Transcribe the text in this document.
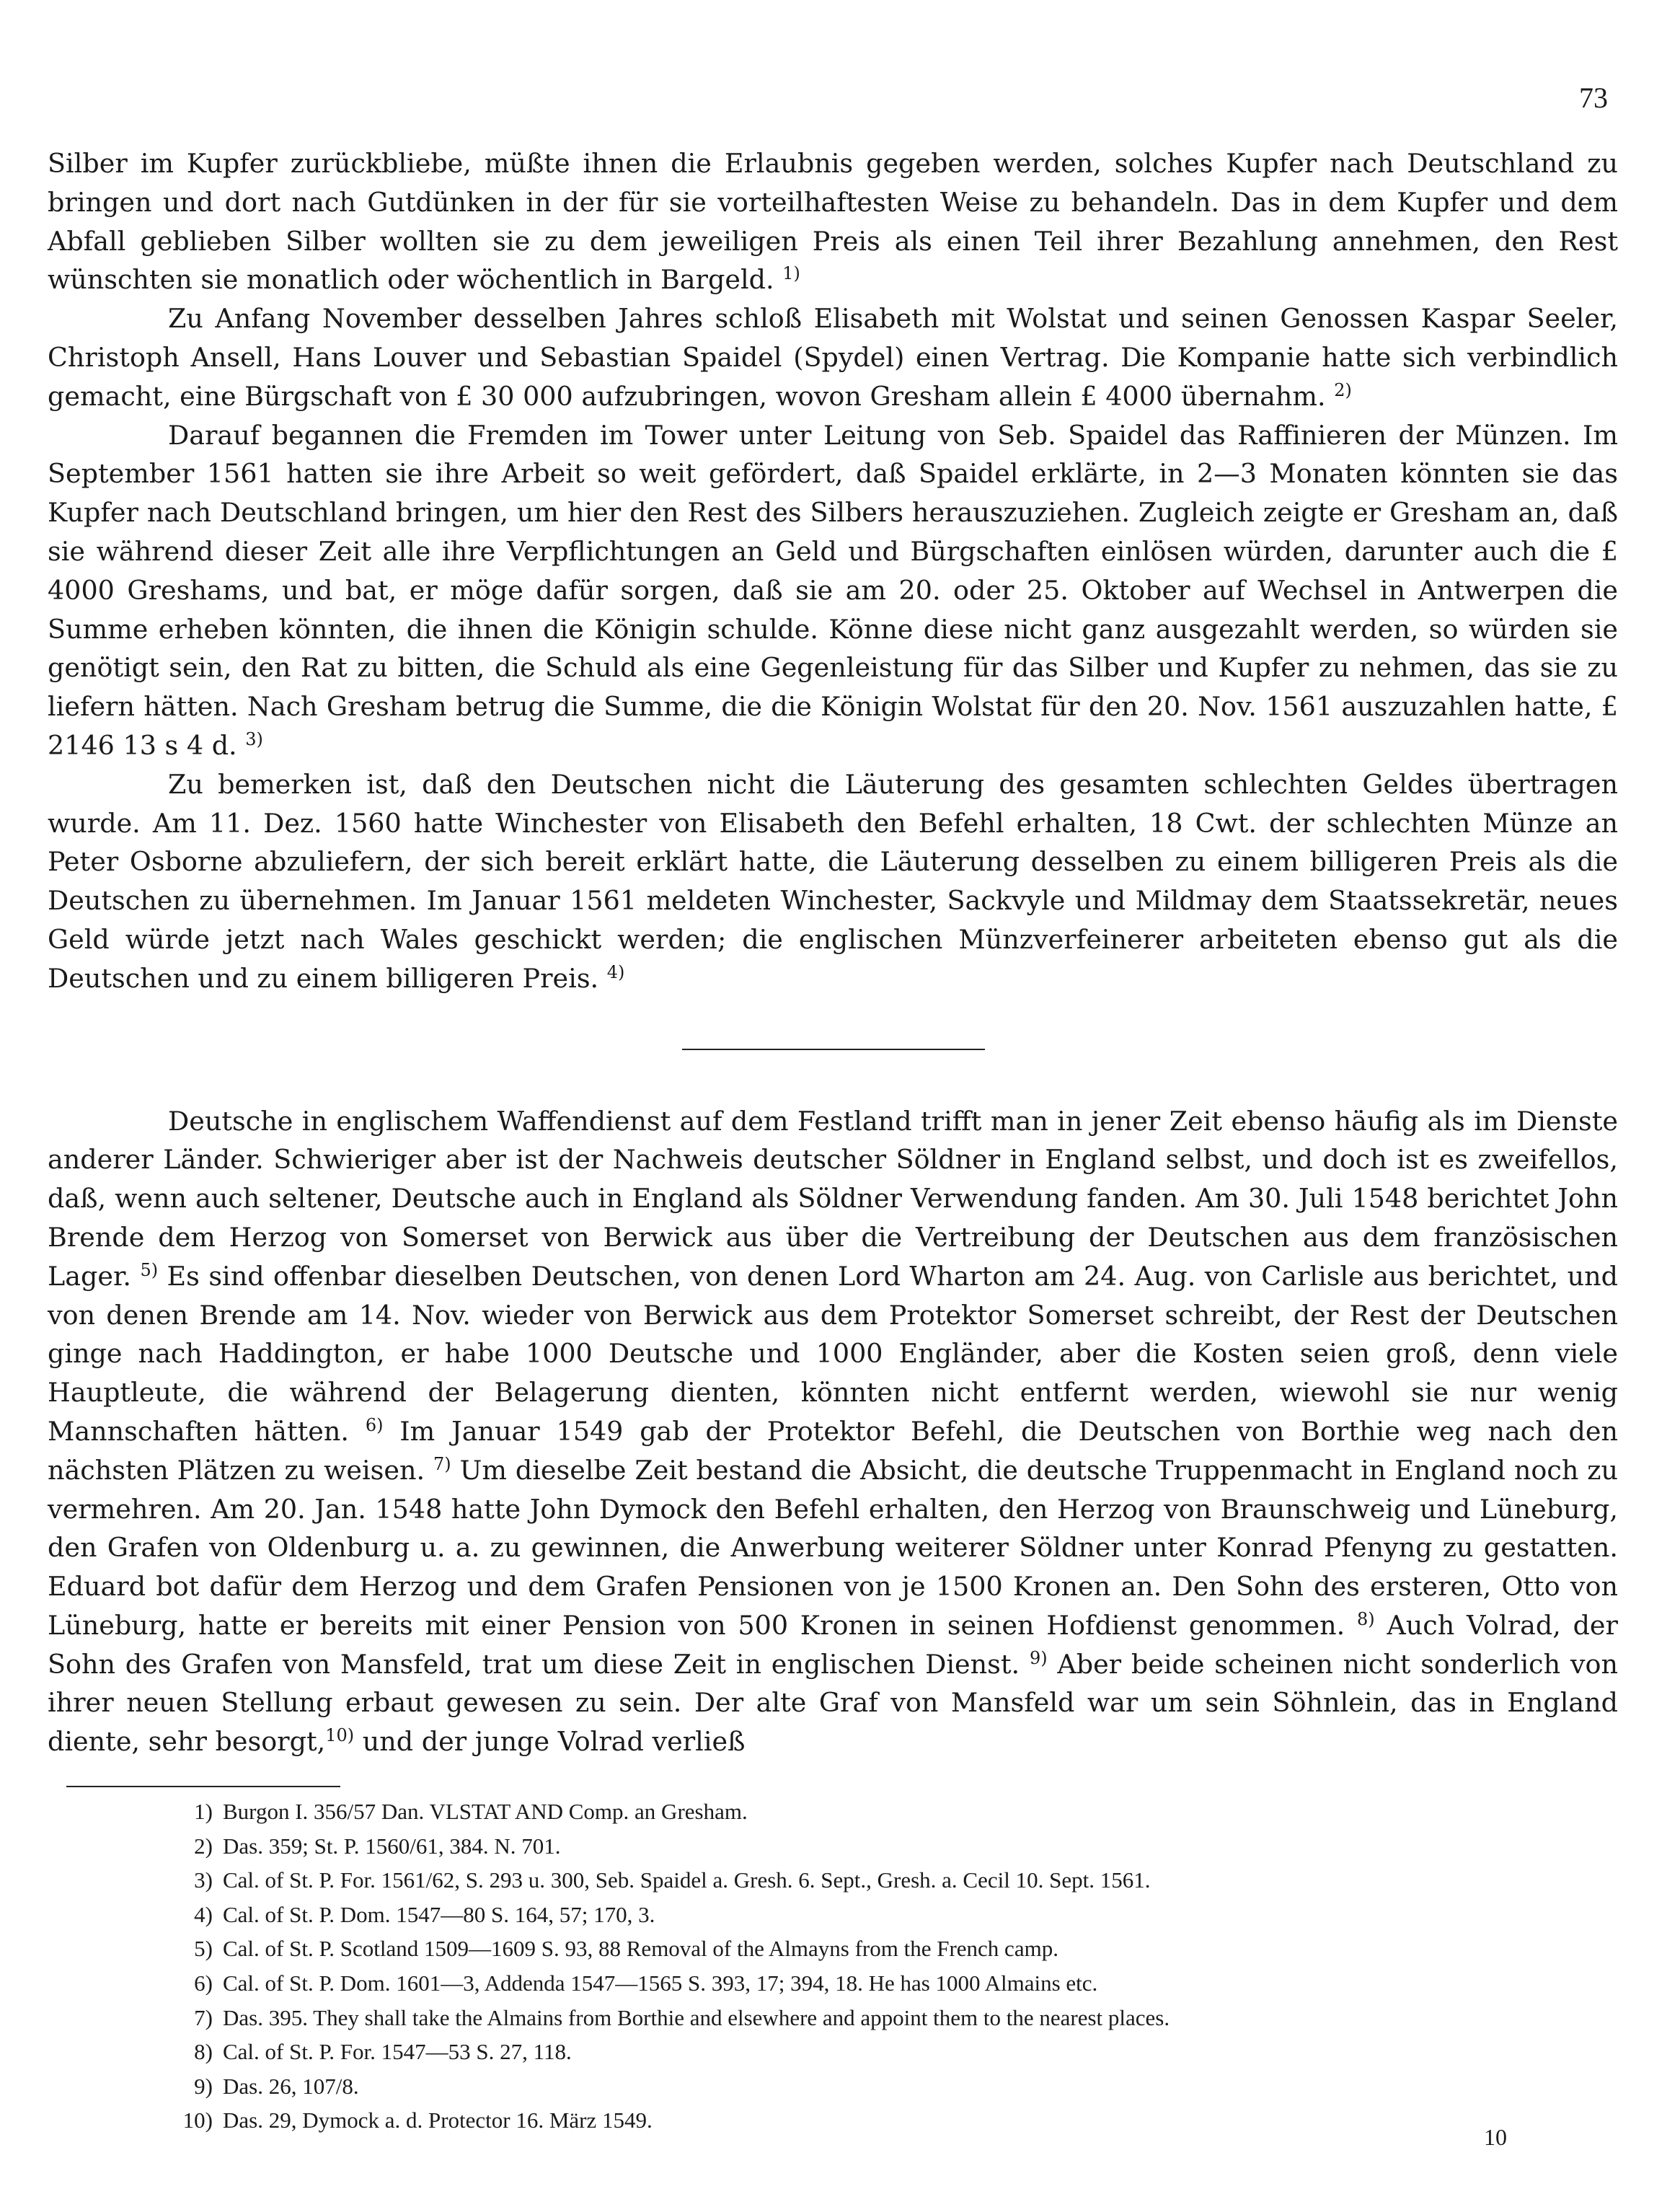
73

Silber im Kupfer zurückbliebe, müßte ihnen die Erlaubnis gegeben werden, solches Kupfer nach Deutschland zu bringen und dort nach Gutdünken in der für sie vorteilhaftesten Weise zu behandeln. Das in dem Kupfer und dem Abfall geblieben Silber wollten sie zu dem jeweiligen Preis als einen Teil ihrer Bezahlung annehmen, den Rest wünschten sie monatlich oder wöchentlich in Bargeld. $^{1)}$

Zu Anfang November desselben Jahres schloß Elisabeth mit Wolstat und seinen Genossen Kaspar Seeler, Christoph Ansell, Hans Louver und Sebastian Spaidel (Spydel) einen Vertrag. Die Kompanie hatte sich verbindlich gemacht, eine Bürgschaft von £ 30 000 aufzubringen, wovon Gresham allein £ 4000 übernahm. $^{2)}$

Darauf begannen die Fremden im Tower unter Leitung von Seb. Spaidel das Raffinieren der Münzen. Im September 1561 hatten sie ihre Arbeit so weit gefördert, daß Spaidel erklärte, in 2—3 Monaten könnten sie das Kupfer nach Deutschland bringen, um hier den Rest des Silbers herauszuziehen. Zugleich zeigte er Gresham an, daß sie während dieser Zeit alle ihre Verpflichtungen an Geld und Bürgschaften einlösen würden, darunter auch die £ 4000 Greshams, und bat, er möge dafür sorgen, daß sie am 20. oder 25. Oktober auf Wechsel in Antwerpen die Summe erheben könnten, die ihnen die Königin schulde. Könne diese nicht ganz ausgezahlt werden, so würden sie genötigt sein, den Rat zu bitten, die Schuld als eine Gegenleistung für das Silber und Kupfer zu nehmen, das sie zu liefern hätten. Nach Gresham betrug die Summe, die die Königin Wolstat für den 20. Nov. 1561 auszuzahlen hatte, £ 2146 13 s 4 d. $^{3)}$

Zu bemerken ist, daß den Deutschen nicht die Läuterung des gesamten schlechten Geldes übertragen wurde. Am 11. Dez. 1560 hatte Winchester von Elisabeth den Befehl erhalten, 18 Cwt. der schlechten Münze an Peter Osborne abzuliefern, der sich bereit erklärt hatte, die Läuterung desselben zu einem billigeren Preis als die Deutschen zu übernehmen. Im Januar 1561 meldeten Winchester, Sackvyle und Mildmay dem Staatssekretär, neues Geld würde jetzt nach Wales geschickt werden; die englischen Münzverfeinerer arbeiteten ebenso gut als die Deutschen und zu einem billigeren Preis. $^{4)}$

Deutsche in englischem Waffendienst auf dem Festland trifft man in jener Zeit ebenso häufig als im Dienste anderer Länder. Schwieriger aber ist der Nachweis deutscher Söldner in England selbst, und doch ist es zweifellos, daß, wenn auch seltener, Deutsche auch in England als Söldner Verwendung fanden. Am 30. Juli 1548 berichtet John Brende dem Herzog von Somerset von Berwick aus über die Vertreibung der Deutschen aus dem französischen Lager. $^{5)}$ Es sind offenbar dieselben Deutschen, von denen Lord Wharton am 24. Aug. von Carlisle aus berichtet, und von denen Brende am 14. Nov. wieder von Berwick aus dem Protektor Somerset schreibt, der Rest der Deutschen ginge nach Haddington, er habe 1000 Deutsche und 1000 Engländer, aber die Kosten seien groß, denn viele Hauptleute, die während der Belagerung dienten, könnten nicht entfernt werden, wiewohl sie nur wenig Mannschaften hätten. $^{6)}$ Im Januar 1549 gab der Protektor Befehl, die Deutschen von Borthie weg nach den nächsten Plätzen zu weisen. $^{7)}$ Um dieselbe Zeit bestand die Absicht, die deutsche Truppenmacht in England noch zu vermehren. Am 20. Jan. 1548 hatte John Dymock den Befehl erhalten, den Herzog von Braunschweig und Lüneburg, den Grafen von Oldenburg u. a. zu gewinnen, die Anwerbung weiterer Söldner unter Konrad Pfenyng zu gestatten. Eduard bot dafür dem Herzog und dem Grafen Pensionen von je 1500 Kronen an. Den Sohn des ersteren, Otto von Lüneburg, hatte er bereits mit einer Pension von 500 Kronen in seinen Hofdienst genommen. $^{8)}$ Auch Volrad, der Sohn des Grafen von Mansfeld, trat um diese Zeit in englischen Dienst. $^{9)}$ Aber beide scheinen nicht sonderlich von ihrer neuen Stellung erbaut gewesen zu sein. Der alte Graf von Mansfeld war um sein Söhnlein, das in England diente, sehr besorgt,$^{10)}$ und der junge Volrad verließ

1) Burgon I. 356/57 Dan. VLSTAT AND Comp. an Gresham.
2) Das. 359; St. P. 1560/61, 384. N. 701.
3) Cal. of St. P. For. 1561/62, S. 293 u. 300, Seb. Spaidel a. Gresh. 6. Sept., Gresh. a. Cecil 10. Sept. 1561.
4) Cal. of St. P. Dom. 1547—80 S. 164, 57; 170, 3.
5) Cal. of St. P. Scotland 1509—1609 S. 93, 88 Removal of the Almayns from the French camp.
6) Cal. of St. P. Dom. 1601—3, Addenda 1547—1565 S. 393, 17; 394, 18. He has 1000 Almains etc.
7) Das. 395. They shall take the Almains from Borthie and elsewhere and appoint them to the nearest places.
8) Cal. of St. P. For. 1547—53 S. 27, 118.
9) Das. 26, 107/8.
10) Das. 29, Dymock a. d. Protector 16. März 1549.
10
